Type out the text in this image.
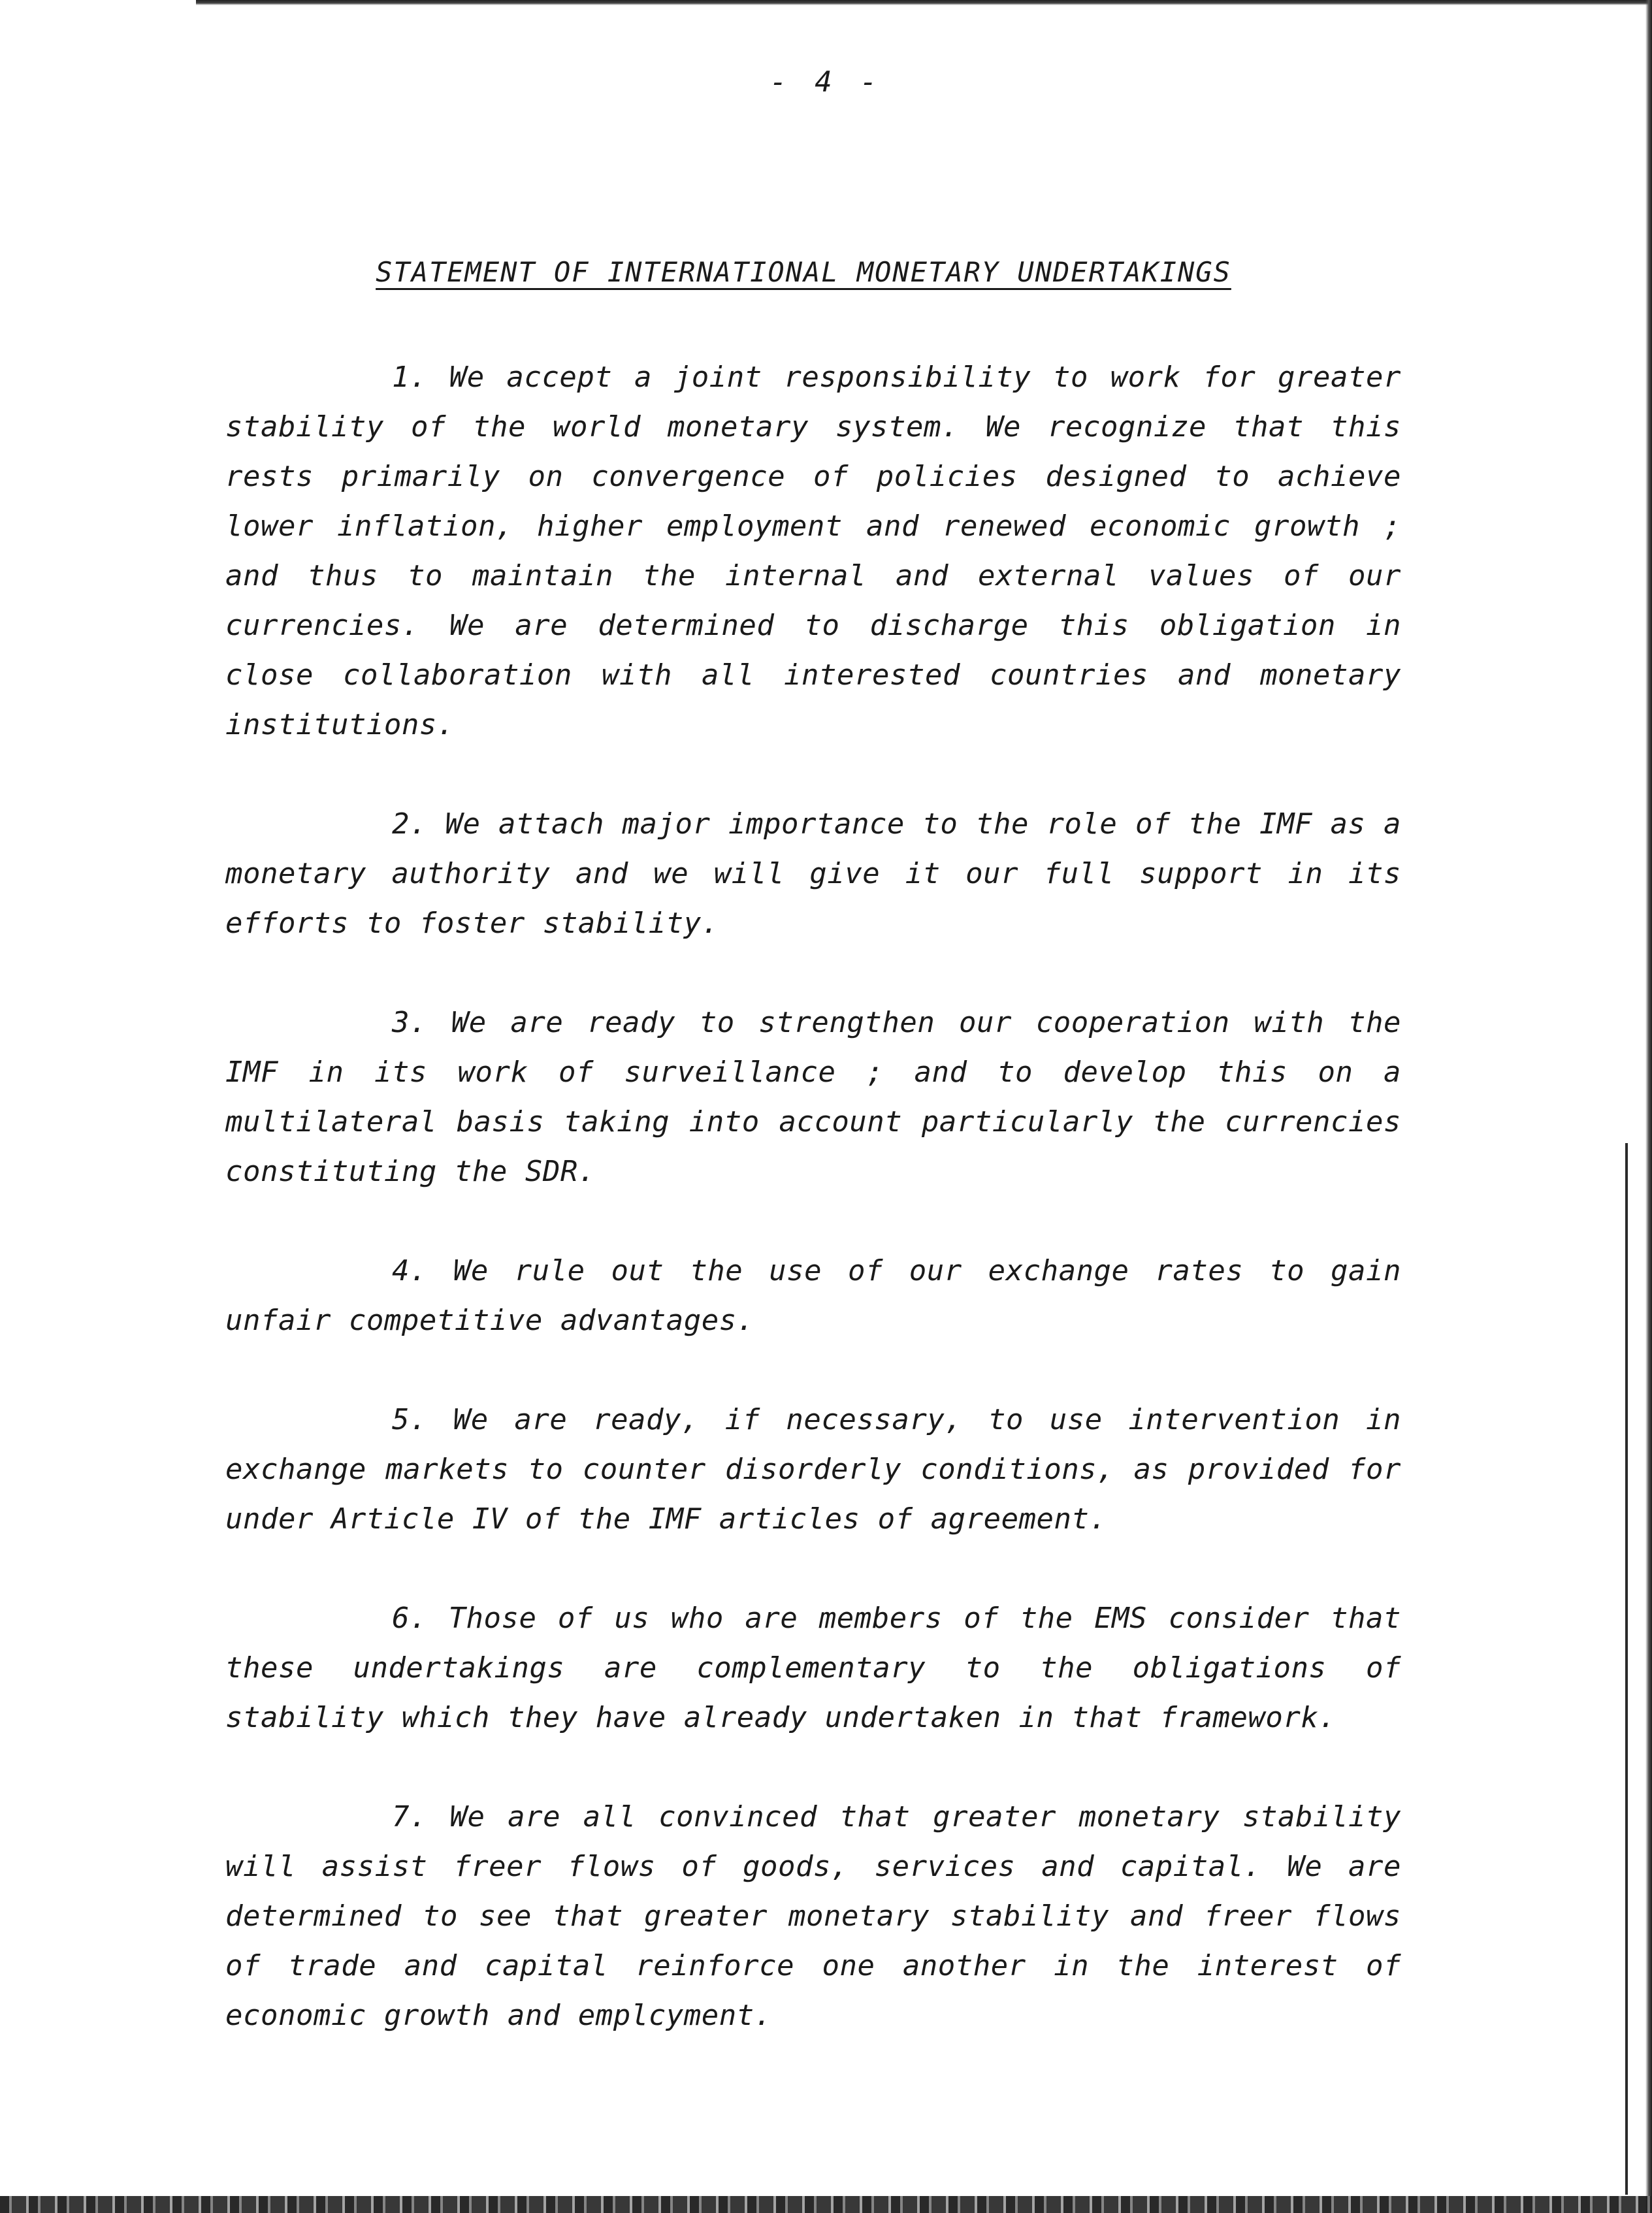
- 4 -
STATEMENT OF INTERNATIONAL MONETARY UNDERTAKINGS

1. We accept a joint responsibility to work for greater stability of the world monetary system. We recognize that this rests primarily on convergence of policies designed to achieve lower inflation, higher employment and renewed economic growth ; and thus to maintain the internal and external values of our currencies. We are determined to discharge this obligation in close collaboration with all interested countries and monetary institutions.

2. We attach major importance to the role of the IMF as a monetary authority and we will give it our full support in its efforts to foster stability.

3. We are ready to strengthen our cooperation with the IMF in its work of surveillance ; and to develop this on a multilateral basis taking into account particularly the currencies constituting the SDR.

4. We rule out the use of our exchange rates to gain unfair competitive advantages.

5. We are ready, if necessary, to use intervention in exchange markets to counter disorderly conditions, as provided for under Article IV of the IMF articles of agreement.

6. Those of us who are members of the EMS consider that these undertakings are complementary to the obligations of stability which they have already undertaken in that framework.

7. We are all convinced that greater monetary stability will assist freer flows of goods, services and capital. We are determined to see that greater monetary stability and freer flows of trade and capital reinforce one another in the interest of economic growth and emplcyment.
